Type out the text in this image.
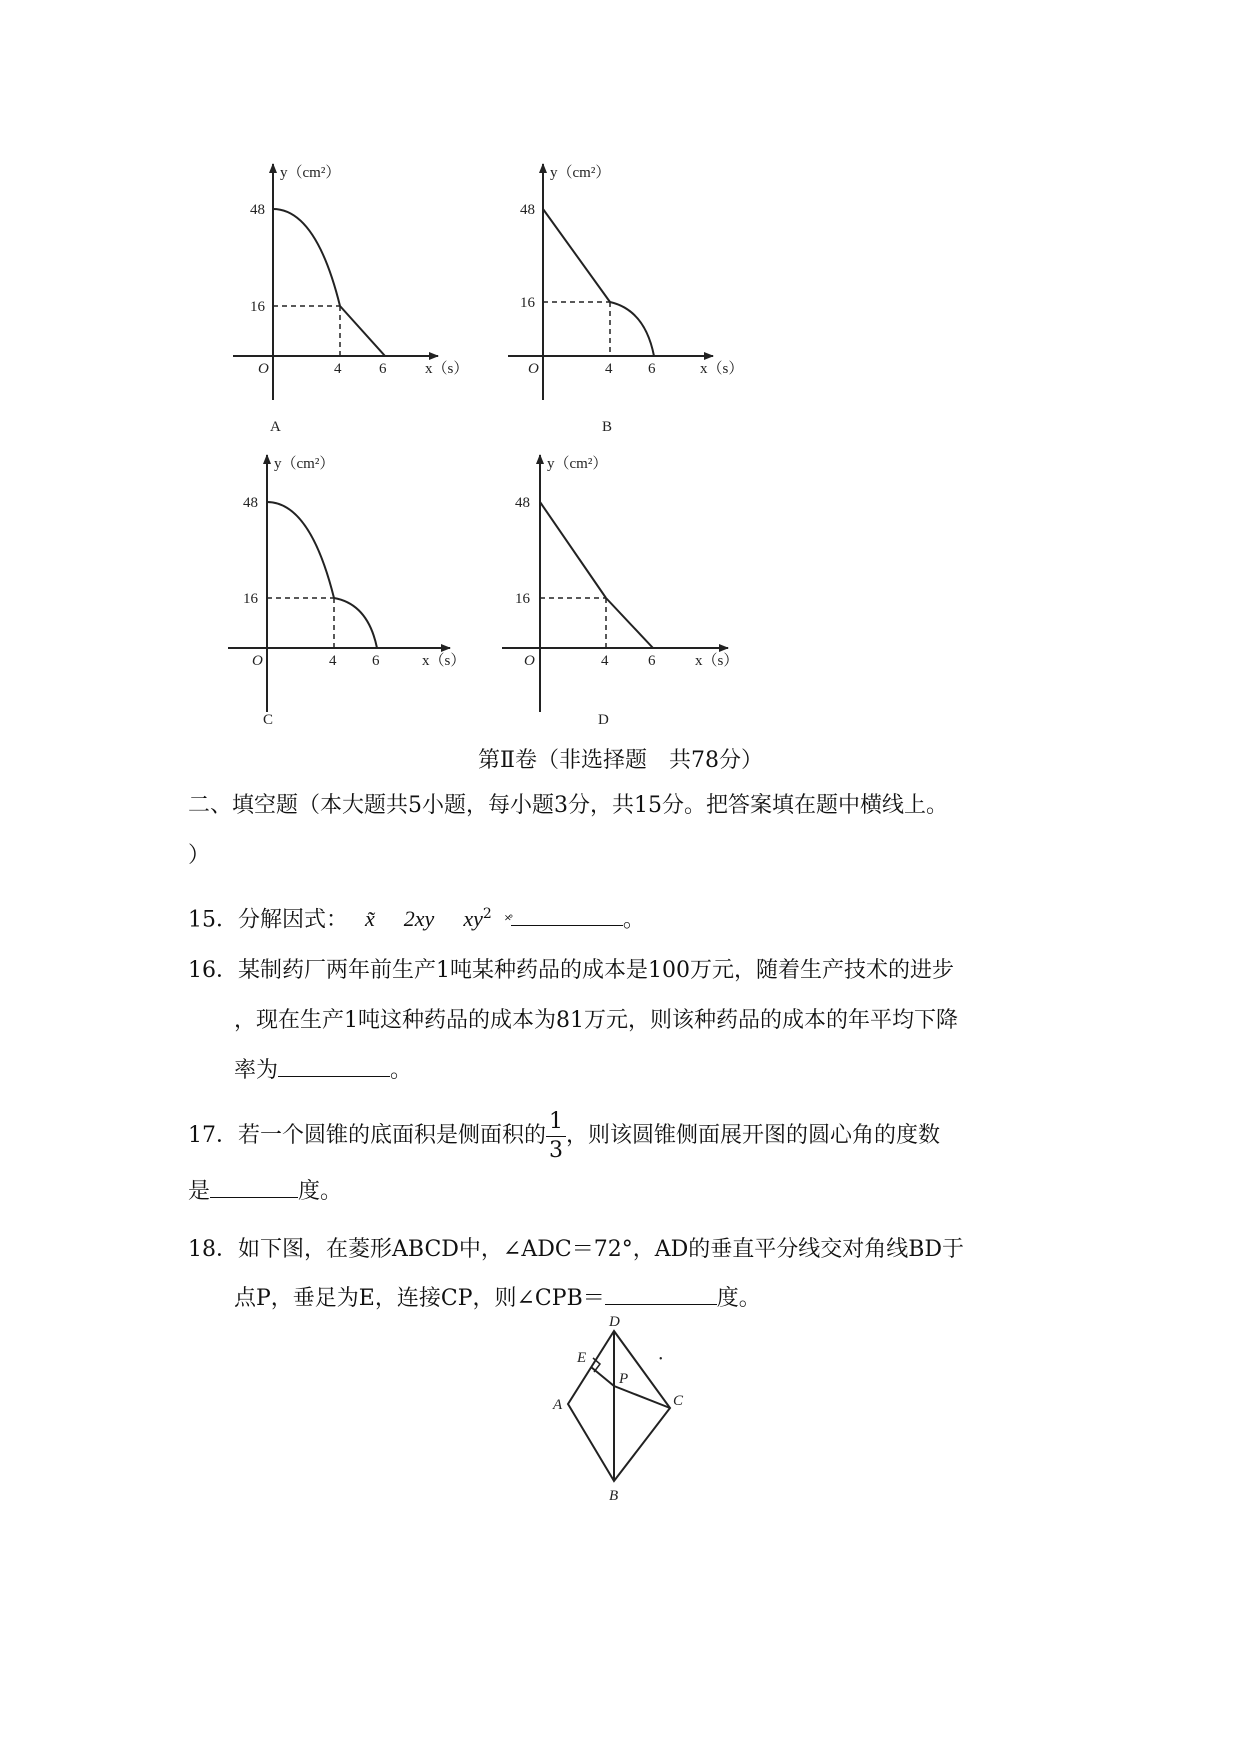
y（cm²）
48
16
O	4	6	x（s）
A
y（cm²）
48
16
O	4 6	x（s）
B
y（cm²）
48
16
O	4 6	x（s）
C
y（cm²）
48
16
O	4	6	x（s）
D
第Ⅱ卷（非选择题　共78分）
二、填空题（本大题共5小题，每小题3分，共15分。把答案填在题中横线上。
）
15．分解因式： x̃ 2xy $xy^2$ ˟̊	。
16．某制药厂两年前生产1吨某种药品的成本是100万元，随着生产技术的进步
，现在生产1吨这种药品的成本为81万元，则该种药品的成本的年平均下降
率为	。
17． 若一个圆锥的底面积是侧面积的 $\frac{1}{3}$ ，则该圆锥侧面展开图的圆心角的度数
是	度。
18．如下图，在菱形ABCD中，∠ADC＝72°，AD的垂直平分线交对角线BD于
点P，垂足为E，连接CP，则∠CPB＝	度。
•
D
E
P
A	C
B
